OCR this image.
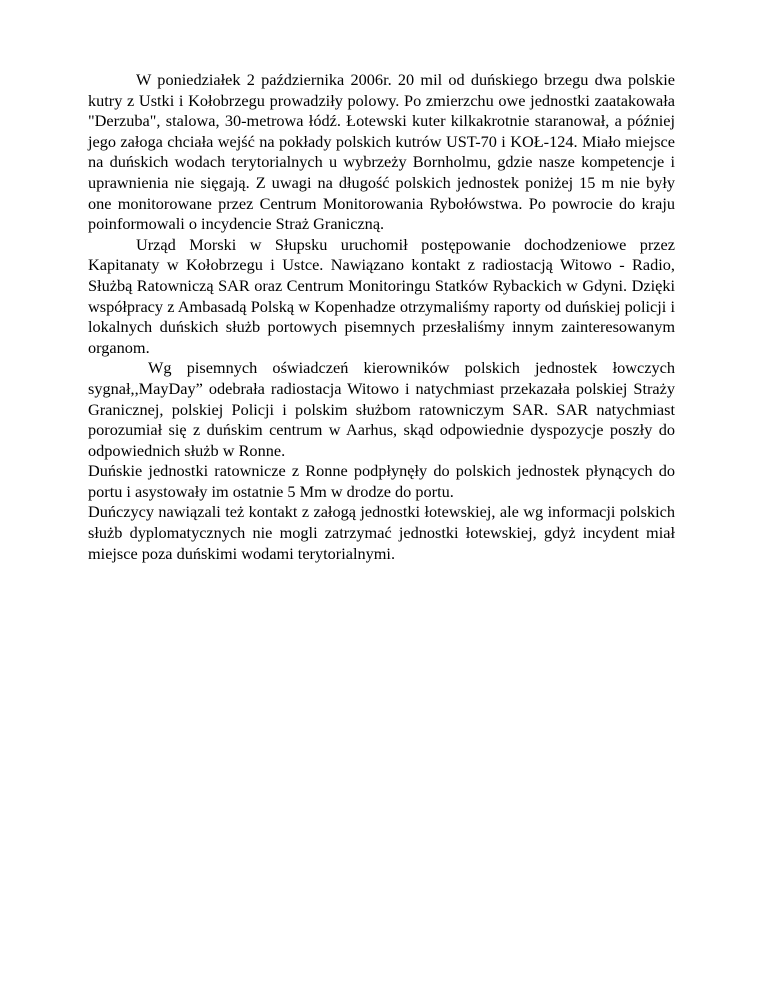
W poniedziałek 2 października 2006r. 20 mil od duńskiego brzegu dwa polskie kutry z Ustki i Kołobrzegu prowadziły polowy. Po zmierzchu owe jednostki zaatakowała "Derzuba", stalowa, 30-metrowa łódź. Łotewski kuter kilkakrotnie staranował, a później jego załoga chciała wejść na pokłady polskich kutrów UST-70 i KOŁ-124. Miało miejsce na duńskich wodach terytorialnych u wybrzeży Bornholmu, gdzie nasze kompetencje i uprawnienia nie sięgają. Z uwagi na długość polskich jednostek poniżej 15 m nie były one monitorowane przez Centrum Monitorowania Rybołówstwa. Po powrocie do kraju poinformowali o incydencie Straż Graniczną.

Urząd Morski w Słupsku uruchomił postępowanie dochodzeniowe przez Kapitanaty w Kołobrzegu i Ustce. Nawiązano kontakt z radiostacją Witowo - Radio, Służbą Ratowniczą SAR oraz Centrum Monitoringu Statków Rybackich w Gdyni. Dzięki współpracy z Ambasadą Polską w Kopenhadze otrzymaliśmy raporty od duńskiej policji i lokalnych duńskich służb portowych pisemnych przesłaliśmy innym zainteresowanym organom.

Wg pisemnych oświadczeń kierowników polskich jednostek łowczych sygnał,,MayDay” odebrała radiostacja Witowo i natychmiast przekazała polskiej Straży Granicznej, polskiej Policji i polskim służbom ratowniczym SAR. SAR natychmiast porozumiał się z duńskim centrum w Aarhus, skąd odpowiednie dyspozycje poszły do odpowiednich służb w Ronne.

Duńskie jednostki ratownicze z Ronne podpłynęły do polskich jednostek płynących do portu i asystowały im ostatnie 5 Mm w drodze do portu.

Duńczycy nawiązali też kontakt z załogą jednostki łotewskiej, ale wg informacji polskich służb dyplomatycznych nie mogli zatrzymać jednostki łotewskiej, gdyż incydent miał miejsce poza duńskimi wodami terytorialnymi.
